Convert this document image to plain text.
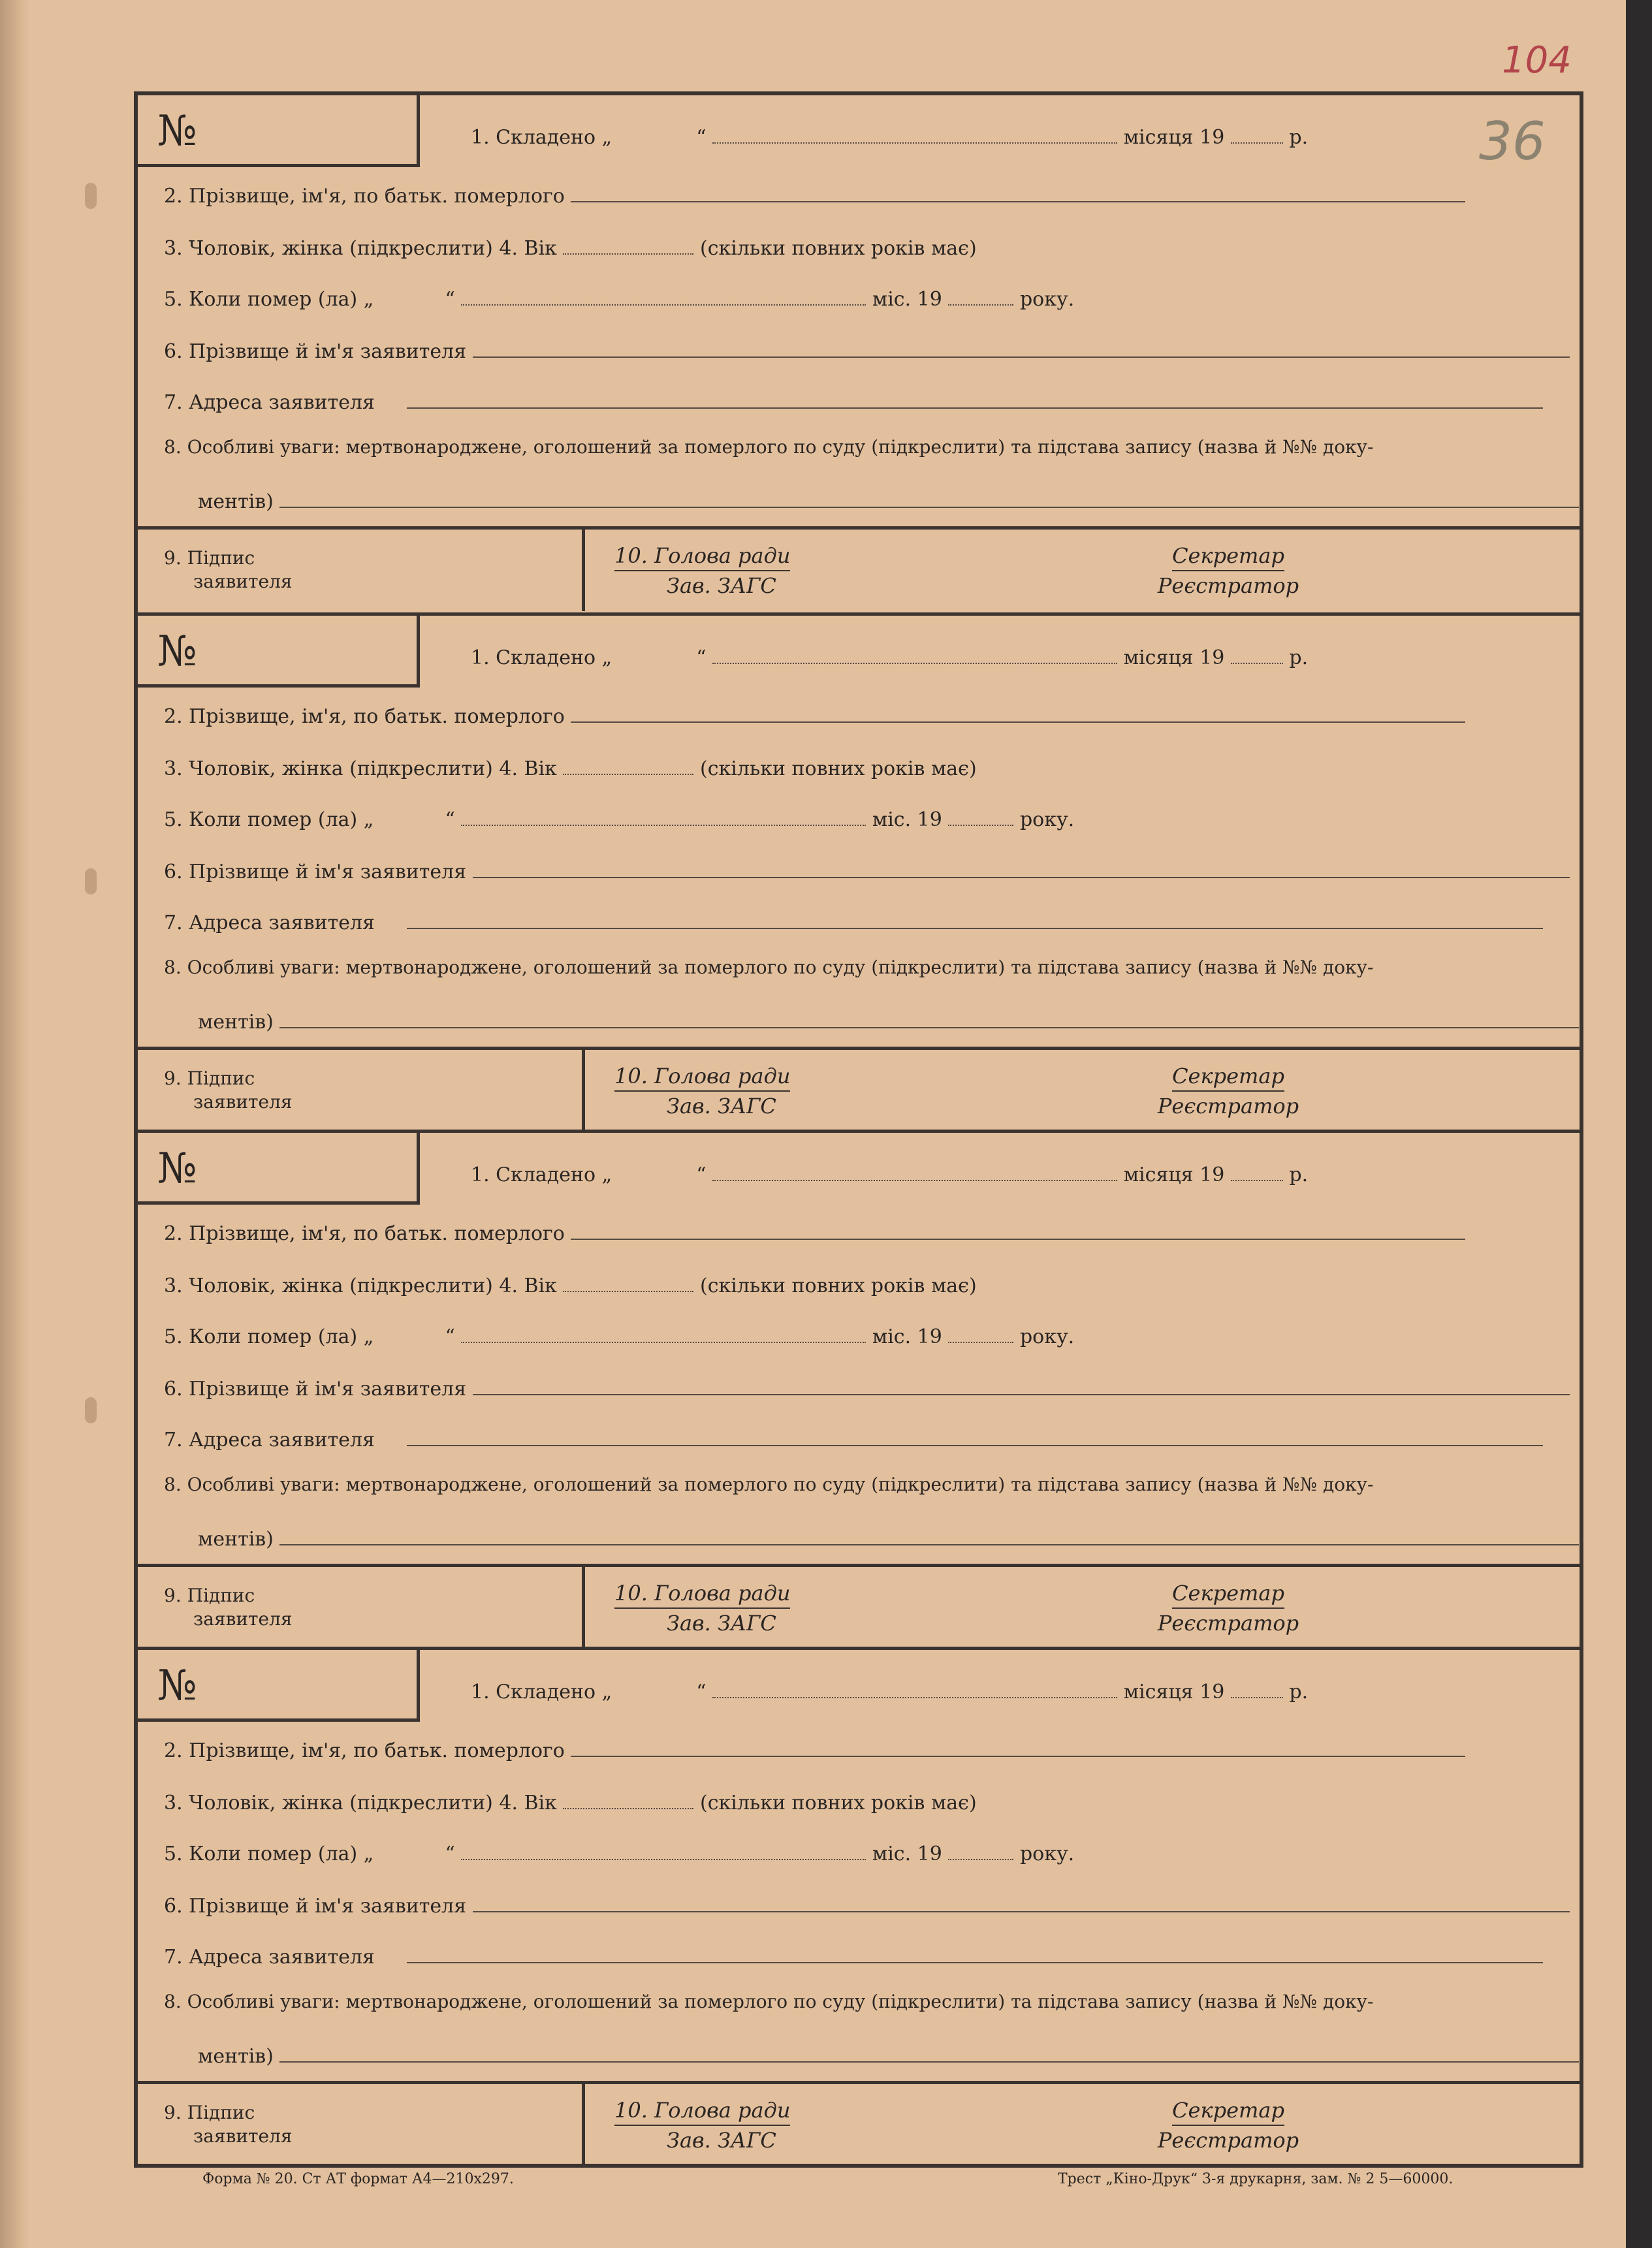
104
36
№	1. Складено „	“	місяця 19	р.
2. Прізвище, ім'я, по батьк. померлого
3. Чоловік, жінка (підкреслити) 4. Вік	(скільки повних років має)
5. Коли помер (ла) „	“	міс. 19	року.
6. Прізвище й ім'я заявителя
7. Адреса заявителя
8. Особливі уваги: мертвонароджене, оголошений за померлого по суду (підкреслити) та підстава запису (назва й №№ доку-
ментів)
9. Підпис
заявителя
10. Голова ради

Зав. ЗАГС
Секретар

Реєстратор
№	1. Складено „	“	місяця 19	р.
2. Прізвище, ім'я, по батьк. померлого
3. Чоловік, жінка (підкреслити) 4. Вік	(скільки повних років має)
5. Коли помер (ла) „	“	міс. 19	року.
6. Прізвище й ім'я заявителя
7. Адреса заявителя
8. Особливі уваги: мертвонароджене, оголошений за померлого по суду (підкреслити) та підстава запису (назва й №№ доку-
ментів)
9. Підпис
заявителя
10. Голова ради

Зав. ЗАГС
Секретар

Реєстратор
№	1. Складено „	“	місяця 19	р.
2. Прізвище, ім'я, по батьк. померлого
3. Чоловік, жінка (підкреслити) 4. Вік	(скільки повних років має)
5. Коли помер (ла) „	“	міс. 19	року.
6. Прізвище й ім'я заявителя
7. Адреса заявителя
8. Особливі уваги: мертвонароджене, оголошений за померлого по суду (підкреслити) та підстава запису (назва й №№ доку-
ментів)
9. Підпис
заявителя
10. Голова ради

Зав. ЗАГС
Секретар

Реєстратор
№	1. Складено „	“	місяця 19	р.
2. Прізвище, ім'я, по батьк. померлого
3. Чоловік, жінка (підкреслити) 4. Вік	(скільки повних років має)
5. Коли помер (ла) „	“	міс. 19	року.
6. Прізвище й ім'я заявителя
7. Адреса заявителя
8. Особливі уваги: мертвонароджене, оголошений за померлого по суду (підкреслити) та підстава запису (назва й №№ доку-
ментів)
9. Підпис
заявителя
10. Голова ради

Зав. ЗАГС
Секретар

Реєстратор
Форма № 20. Ст АТ формат А4—210х297.	Трест „Кіно-Друк“ 3-я друкарня, зам. № 2 5—60000.
